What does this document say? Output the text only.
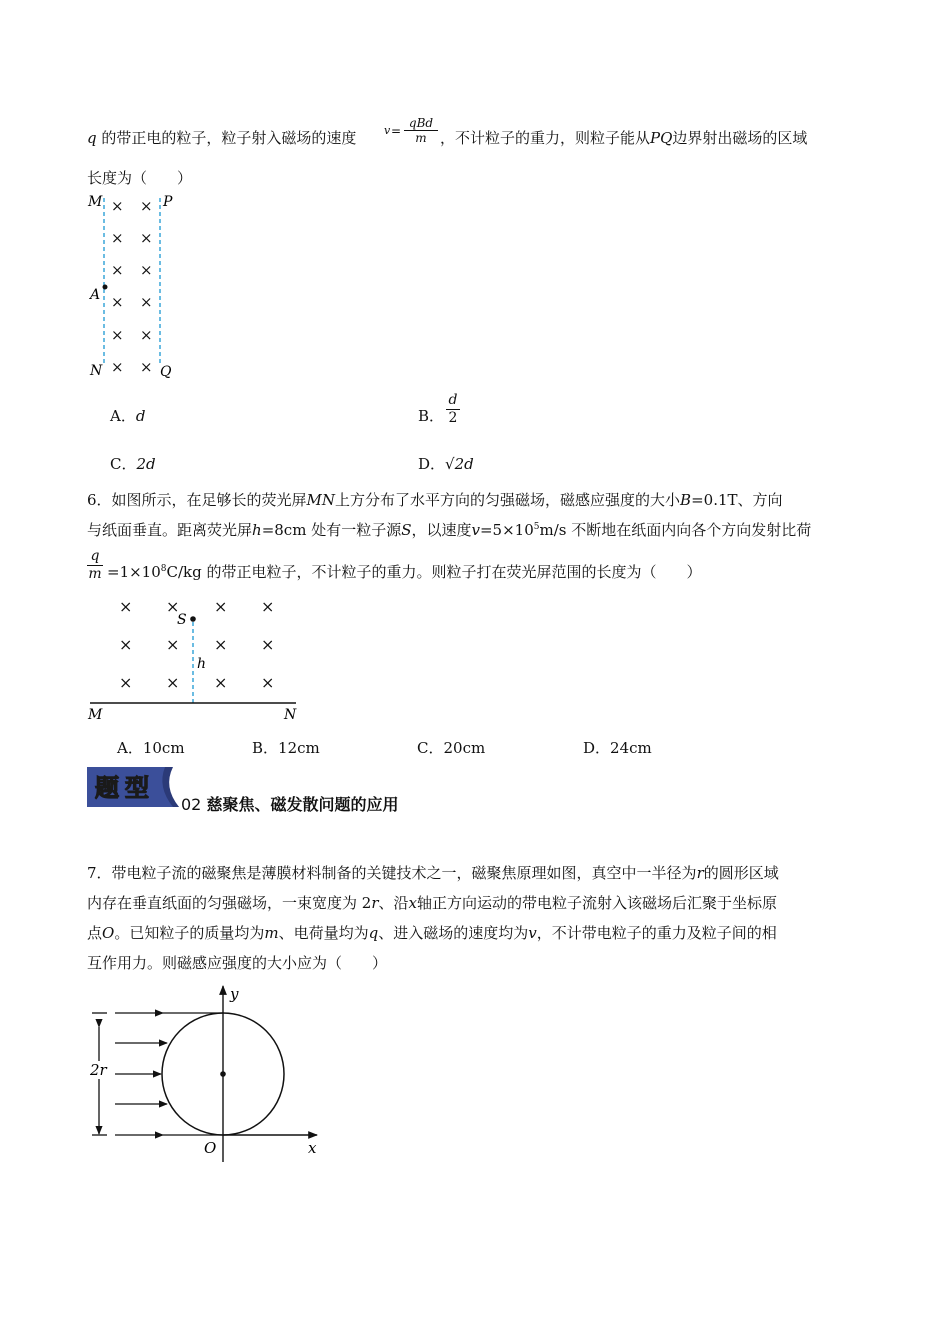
q 的带正电的粒子，粒子射入磁场的速度	v =
qBd
m ，不计粒子的重力，则粒子能从PQ边界射出磁场的区域
长度为（　　）
M	P
A
N	Q
× ×
× ×
× ×
× ×
× ×
× ×
A．d	B．
d
2
C．2d	D．√2d
6．如图所示，在足够长的荧光屏MN上方分布了水平方向的匀强磁场，磁感应强度的大小B=0.1T、方向
与纸面垂直。距离荧光屏h=8cm 处有一粒子源S，以速度$v=5\times 10^5m/s$ 不断地在纸面内向各个方向发射比荷
q
$m =1\times 10^8C/kg$ 的带正电粒子，不计粒子的重力。则粒子打在荧光屏范围的长度为（　　）
× × × ×
× × × ×
× × × ×
S
h
M	N
A．10cm	B．12cm	C．20cm	D．24cm
题型
02 慈聚焦、磁发散问题的应用
7．带电粒子流的磁聚焦是薄膜材料制备的关键技术之一，磁聚焦原理如图，真空中一半径为r的圆形区域
内存在垂直纸面的匀强磁场，一束宽度为 2r、沿x轴正方向运动的带电粒子流射入该磁场后汇聚于坐标原
点O。已知粒子的质量均为m、电荷量均为q、进入磁场的速度均为v，不计带电粒子的重力及粒子间的相
互作用力。则磁感应强度的大小应为（　　）
y
x
O
2r
